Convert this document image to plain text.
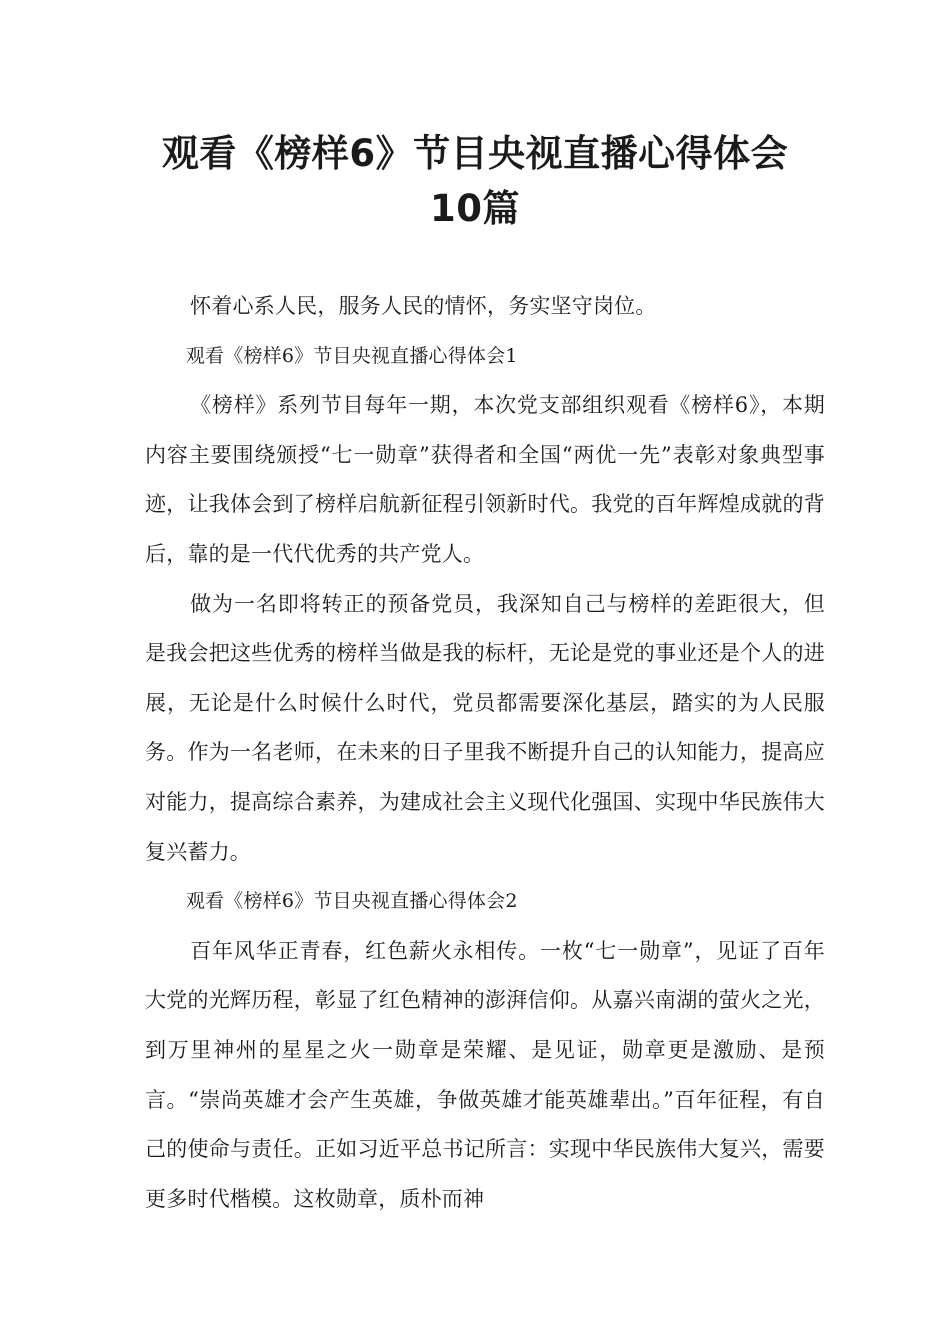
观看《榜样6》节目央视直播心得体会
10篇

怀着心系人民，服务人民的情怀，务实坚守岗位。

观看《榜样6》节目央视直播心得体会1

《榜样》系列节目每年一期，本次党支部组织观看《榜样6》，本期内容主要围绕颁授“七一勋章”获得者和全国“两优一先”表彰对象典型事迹，让我体会到了榜样启航新征程引领新时代。我党的百年辉煌成就的背后，靠的是一代代优秀的共产党人。

做为一名即将转正的预备党员，我深知自己与榜样的差距很大，但是我会把这些优秀的榜样当做是我的标杆，无论是党的事业还是个人的进展，无论是什么时候什么时代，党员都需要深化基层，踏实的为人民服务。作为一名老师，在未来的日子里我不断提升自己的认知能力，提高应对能力，提高综合素养，为建成社会主义现代化强国、实现中华民族伟大复兴蓄力。

观看《榜样6》节目央视直播心得体会2

百年风华正青春，红色薪火永相传。一枚“七一勋章”，见证了百年大党的光辉历程，彰显了红色精神的澎湃信仰。从嘉兴南湖的萤火之光，到万里神州的星星之火一勋章是荣耀、是见证，勋章更是激励、是预言。“崇尚英雄才会产生英雄，争做英雄才能英雄辈出。”百年征程，有自己的使命与责任。正如习近平总书记所言：实现中华民族伟大复兴，需要更多时代楷模。这枚勋章，质朴而神
